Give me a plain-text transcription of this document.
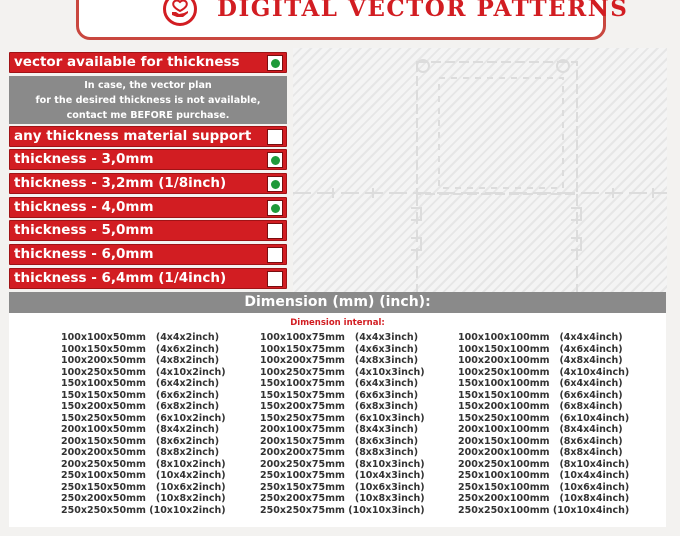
DIGITAL VECTOR PATTERNS
vector available for thickness
In case, the vector plan
for the desired thickness is not available,
contact me BEFORE purchase.
any thickness material support
thickness - 3,0mm
thickness - 3,2mm (1/8inch)
thickness - 4,0mm
thickness - 5,0mm
thickness - 6,0mm
thickness - 6,4mm (1/4inch)
Dimension (mm) (inch):
Dimension internal:
100x100x50mm   (4x4x2inch)
100x150x50mm   (4x6x2inch)
100x200x50mm   (4x8x2inch)
100x250x50mm   (4x10x2inch)
150x100x50mm   (6x4x2inch)
150x150x50mm   (6x6x2inch)
150x200x50mm   (6x8x2inch)
150x250x50mm   (6x10x2inch)
200x100x50mm   (8x4x2inch)
200x150x50mm   (8x6x2inch)
200x200x50mm   (8x8x2inch)
200x250x50mm   (8x10x2inch)
250x100x50mm   (10x4x2inch)
250x150x50mm   (10x6x2inch)
250x200x50mm   (10x8x2inch)
250x250x50mm (10x10x2inch)
100x100x75mm   (4x4x3inch)
100x150x75mm   (4x6x3inch)
100x200x75mm   (4x8x3inch)
100x250x75mm   (4x10x3inch)
150x100x75mm   (6x4x3inch)
150x150x75mm   (6x6x3inch)
150x200x75mm   (6x8x3inch)
150x250x75mm   (6x10x3inch)
200x100x75mm   (8x4x3inch)
200x150x75mm   (8x6x3inch)
200x200x75mm   (8x8x3inch)
200x250x75mm   (8x10x3inch)
250x100x75mm   (10x4x3inch)
250x150x75mm   (10x6x3inch)
250x200x75mm   (10x8x3inch)
250x250x75mm (10x10x3inch)
100x100x100mm   (4x4x4inch)
100x150x100mm   (4x6x4inch)
100x200x100mm   (4x8x4inch)
100x250x100mm   (4x10x4inch)
150x100x100mm   (6x4x4inch)
150x150x100mm   (6x6x4inch)
150x200x100mm   (6x8x4inch)
150x250x100mm   (6x10x4inch)
200x100x100mm   (8x4x4inch)
200x150x100mm   (8x6x4inch)
200x200x100mm   (8x8x4inch)
200x250x100mm   (8x10x4inch)
250x100x100mm   (10x4x4inch)
250x150x100mm   (10x6x4inch)
250x200x100mm   (10x8x4inch)
250x250x100mm (10x10x4inch)
